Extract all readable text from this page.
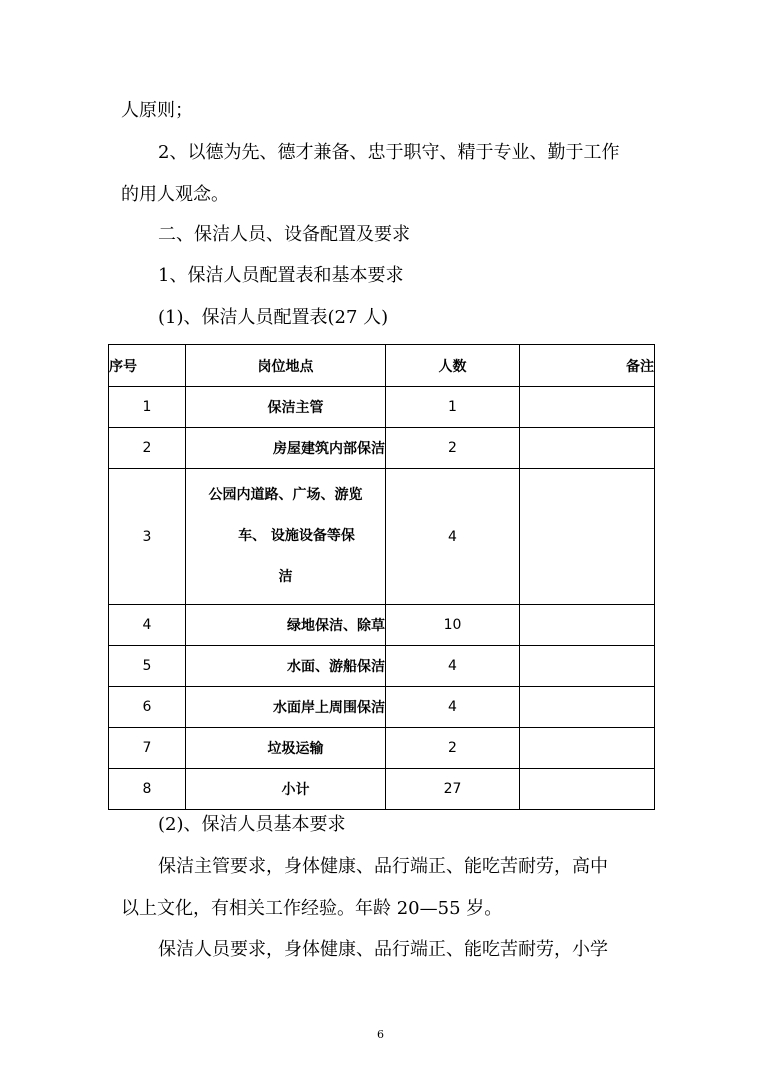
人原则；
2、以德为先、德才兼备、忠于职守、精于专业、勤于工作
的用人观念。
二、保洁人员、设备配置及要求
1、保洁人员配置表和基本要求
(1)、保洁人员配置表(27 人)
序号	岗位地点	人数	备注
1	保洁主管	1	
2	房屋建筑内部保洁	2	
3	公园内道路、广场、游览
车、 设施设备等保
洁	4	
4	绿地保洁、除草	10	
5	水面、游船保洁	4	
6	水面岸上周围保洁	4	
7	垃圾运输	2	
8	小计	27	
(2)、保洁人员基本要求
保洁主管要求，身体健康、品行端正、能吃苦耐劳，高中
以上文化，有相关工作经验。年龄 20—55 岁。
保洁人员要求，身体健康、品行端正、能吃苦耐劳，小学
6
